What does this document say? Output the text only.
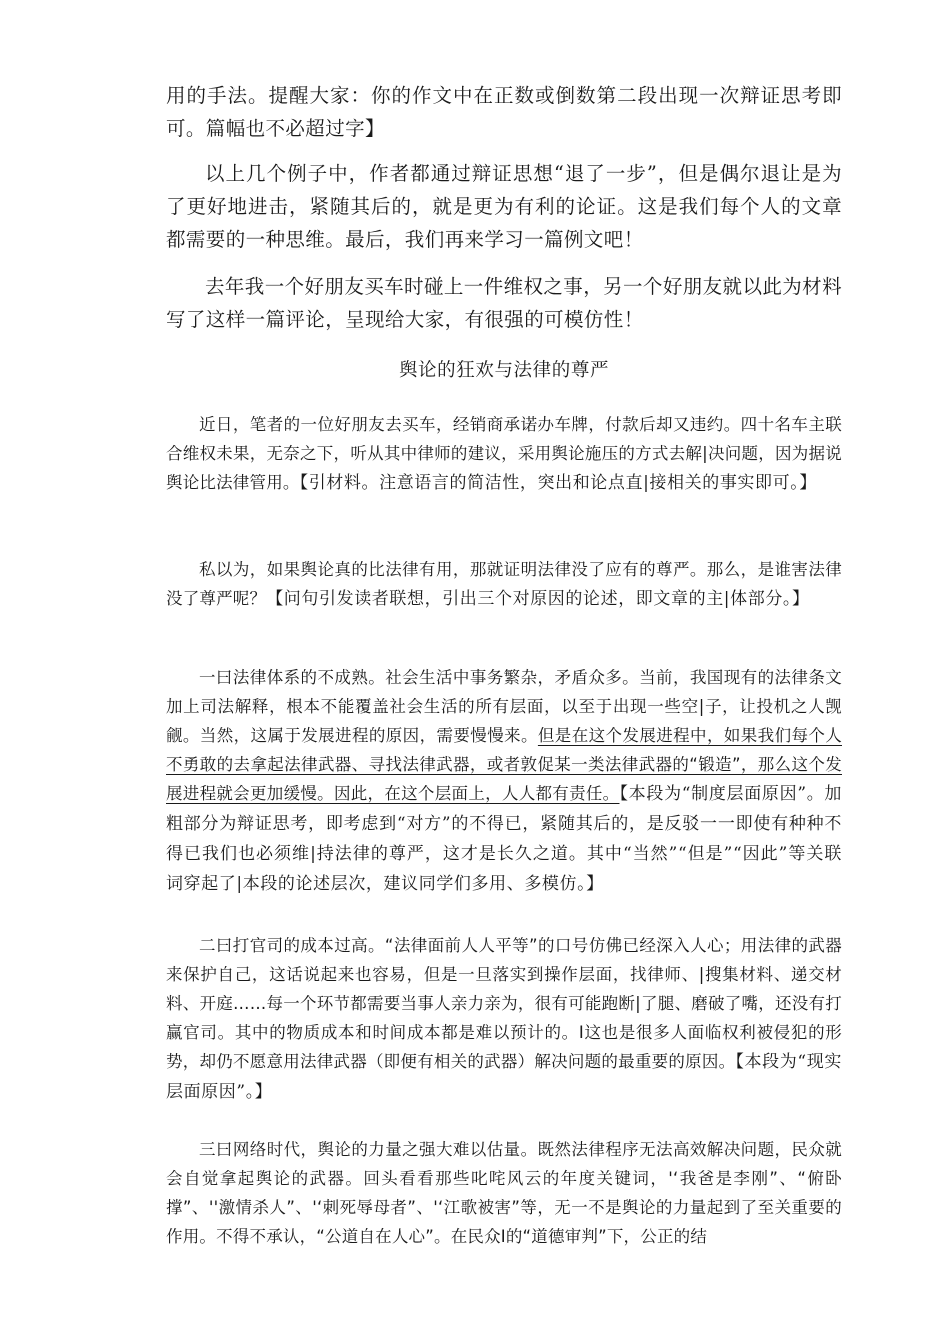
用的手法。提醒大家：你的作文中在正数或倒数第二段出现一次辩证思考即可。篇幅也不必超过字】

以上几个例子中，作者都通过辩证思想“退了一步”，但是偶尔退让是为了更好地进击，紧随其后的，就是更为有利的论证。这是我们每个人的文章都需要的一种思维。最后，我们再来学习一篇例文吧！

去年我一个好朋友买车时碰上一件维权之事，另一个好朋友就以此为材料写了这样一篇评论，呈现给大家，有很强的可模仿性！

舆论的狂欢与法律的尊严

近日，笔者的一位好朋友去买车，经销商承诺办车牌，付款后却又违约。四十名车主联合维权未果，无奈之下，听从其中律师的建议，采用舆论施压的方式去解|决问题，因为据说舆论比法律管用。【引材料。注意语言的简洁性，突出和论点直|接相关的事实即可。】

私以为，如果舆论真的比法律有用，那就证明法律没了应有的尊严。那么，是谁害法律没了尊严呢？【问句引发读者联想，引出三个对原因的论述，即文章的主|体部分。】

一曰法律体系的不成熟。社会生活中事务繁杂，矛盾众多。当前，我国现有的法律条文加上司法解释，根本不能覆盖社会生活的所有层面，以至于出现一些空|子，让投机之人觊觎。当然，这属于发展进程的原因，需要慢慢来。但是在这个发展进程中，如果我们每个人不勇敢的去拿起法律武器、寻找法律武器，或者敦促某一类法律武器的“锻造”，那么这个发展进程就会更加缓慢。因此，在这个层面上，人人都有责任。【本段为“制度层面原因”。加粗部分为辩证思考，即考虑到“对方”的不得已，紧随其后的，是反驳一一即使有种种不得已我们也必须维|持法律的尊严，这才是长久之道。其中“当然”“但是”“因此”等关联词穿起了|本段的论述层次，建议同学们多用、多模仿。】

二曰打官司的成本过高。“法律面前人人平等”的口号仿佛已经深入人心；用法律的武器来保护自己，这话说起来也容易，但是一旦落实到操作层面，找律师、|搜集材料、递交材料、开庭……每一个环节都需要当事人亲力亲为，很有可能跑断|了腿、磨破了嘴，还没有打赢官司。其中的物质成本和时间成本都是难以预计的。I这也是很多人面临权利被侵犯的形势，却仍不愿意用法律武器（即便有相关的武器）解决问题的最重要的原因。【本段为“现实层面原因”。】

三曰网络时代，舆论的力量之强大难以估量。既然法律程序无法高效解决问题，民众就会自觉拿起舆论的武器。回头看看那些叱咤风云的年度关键词，'‘我爸是李刚”、“俯卧撑”、''激情杀人”、'‘刺死辱母者”、'‘江歌被害”等，无一不是舆论的力量起到了至关重要的作用。不得不承认，“公道自在人心”。在民众I的“道德审判”下，公正的结
